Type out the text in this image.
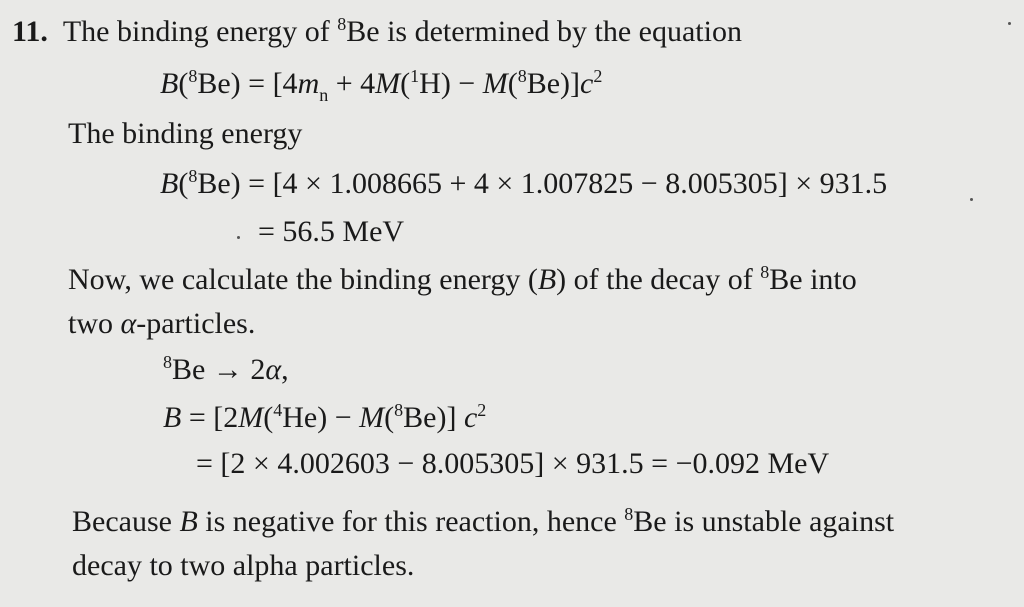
11.  The binding energy of $^8$Be is determined by the equation
$B(^8Be) = [4m_n + 4M(^1H) - M(^8Be)]c^2$
The binding energy
B($^8$Be) = [4 × 1.008665 + 4 × 1.007825 − 8.005305] × 931.5
= 56.5 MeV
Now, we calculate the binding energy (B) of the decay of $^8$Be into
two α-particles.
$^8$Be → 2α,
B = [2M($^4$He) − M($^8$Be)] $c^2$
= [2 × 4.002603 − 8.005305] × 931.5 = −0.092 MeV
Because B is negative for this reaction, hence $^8$Be is unstable against
decay to two alpha particles.
